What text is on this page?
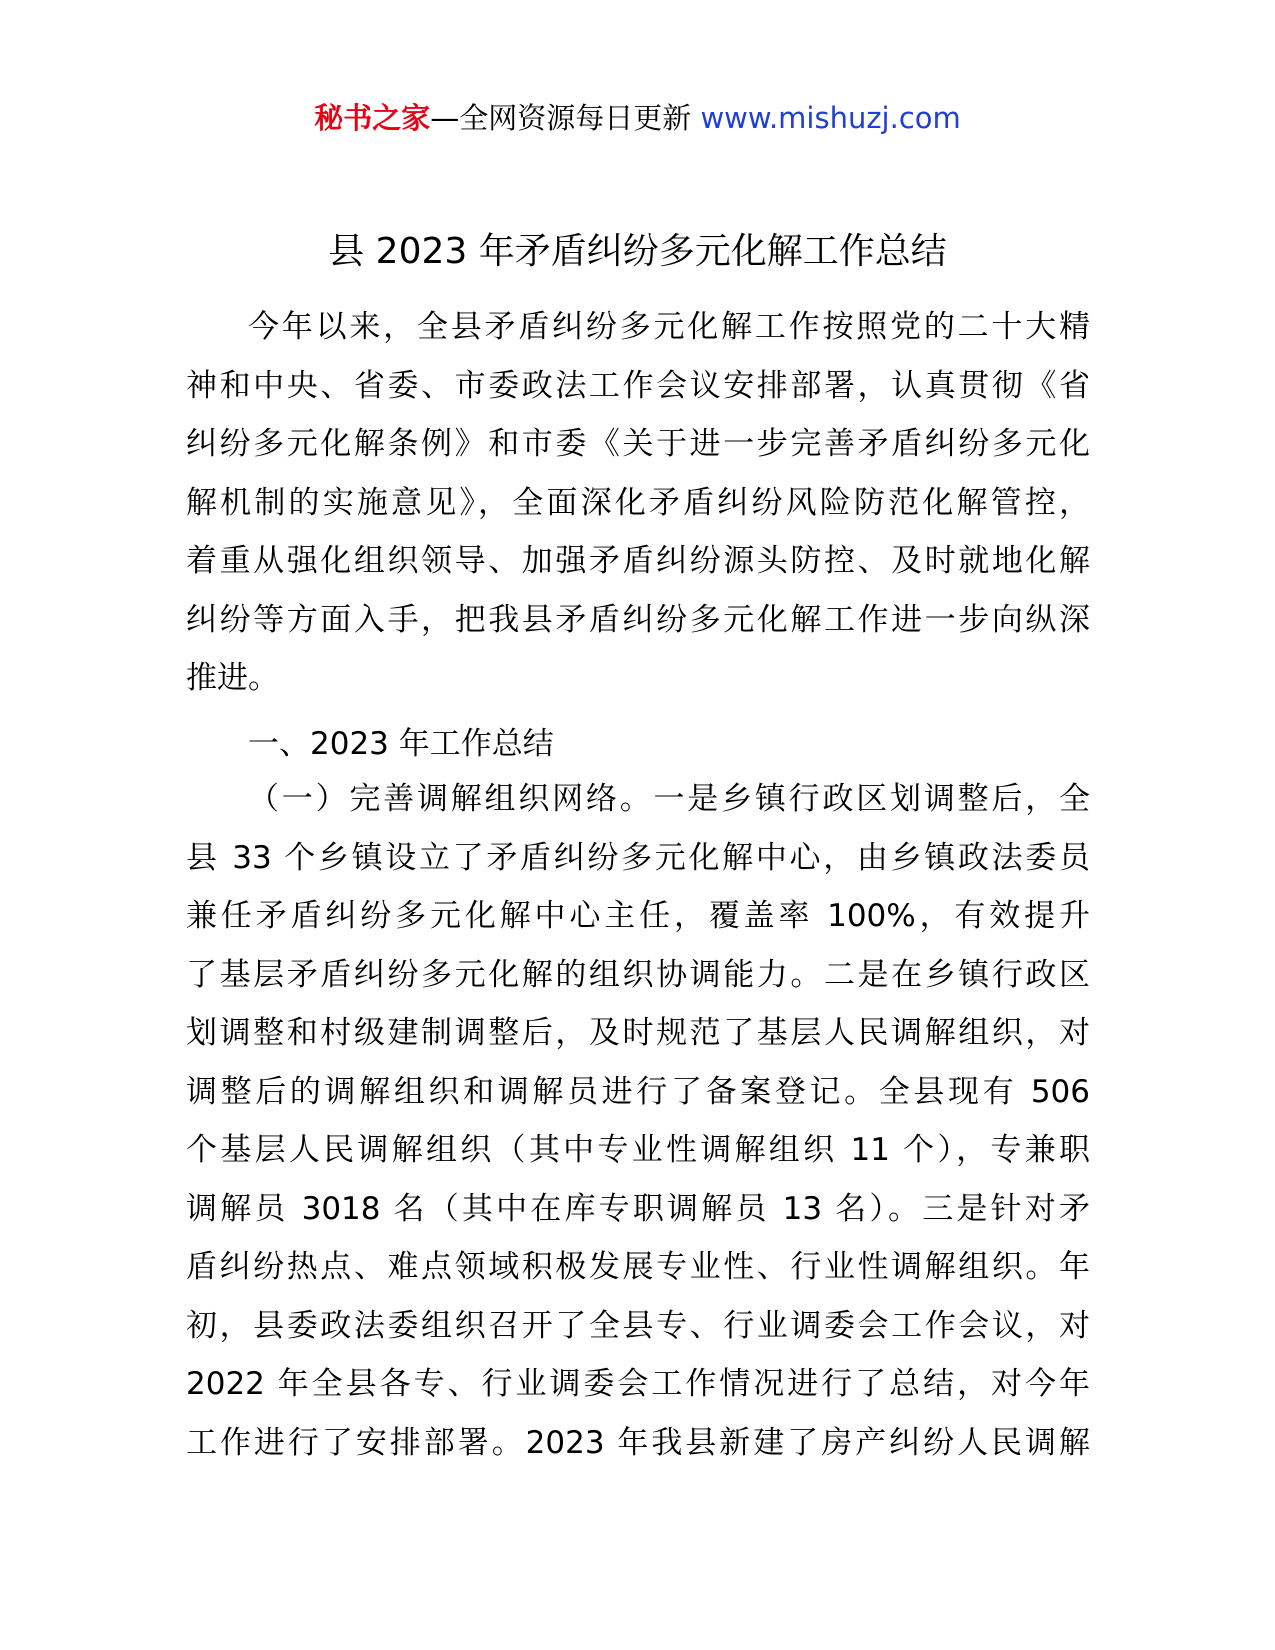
秘书之家—全网资源每日更新 www.mishuzj.com
县 2023 年矛盾纠纷多元化解工作总结
今年以来，全县矛盾纠纷多元化解工作按照党的二十大精
神和中央、省委、市委政法工作会议安排部署，认真贯彻《省
纠纷多元化解条例》和市委《关于进一步完善矛盾纠纷多元化
解机制的实施意见》，全面深化矛盾纠纷风险防范化解管控，
着重从强化组织领导、加强矛盾纠纷源头防控、及时就地化解
纠纷等方面入手，把我县矛盾纠纷多元化解工作进一步向纵深
推进。
一、2023 年工作总结
（一）完善调解组织网络。一是乡镇行政区划调整后，全
县 33 个乡镇设立了矛盾纠纷多元化解中心，由乡镇政法委员
兼任矛盾纠纷多元化解中心主任，覆盖率 100%，有效提升
了基层矛盾纠纷多元化解的组织协调能力。二是在乡镇行政区
划调整和村级建制调整后，及时规范了基层人民调解组织，对
调整后的调解组织和调解员进行了备案登记。全县现有 506
个基层人民调解组织（其中专业性调解组织 11 个），专兼职
调解员 3018 名（其中在库专职调解员 13 名）。三是针对矛
盾纠纷热点、难点领域积极发展专业性、行业性调解组织。年
初，县委政法委组织召开了全县专、行业调委会工作会议，对
2022 年全县各专、行业调委会工作情况进行了总结，对今年
工作进行了安排部署。2023 年我县新建了房产纠纷人民调解
